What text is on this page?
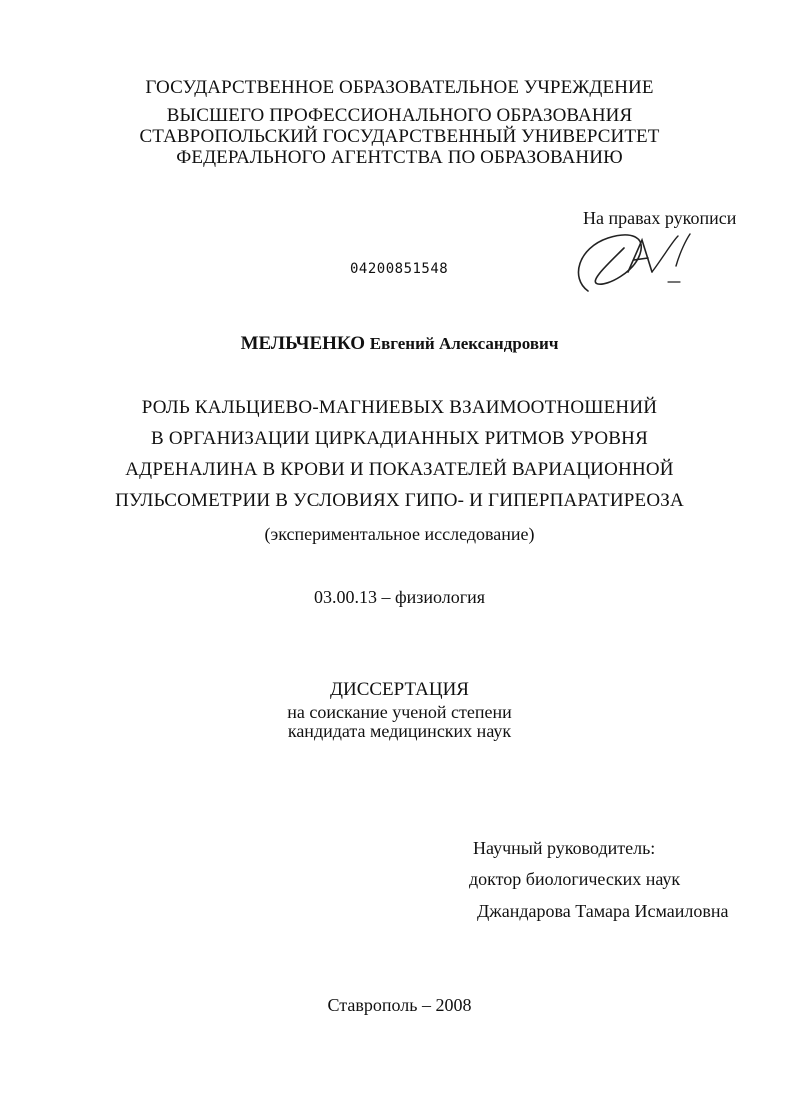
ГОСУДАРСТВЕННОЕ ОБРАЗОВАТЕЛЬНОЕ УЧРЕЖДЕНИЕ
ВЫСШЕГО ПРОФЕССИОНАЛЬНОГО ОБРАЗОВАНИЯ
СТАВРОПОЛЬСКИЙ ГОСУДАРСТВЕННЫЙ УНИВЕРСИТЕТ
ФЕДЕРАЛЬНОГО АГЕНТСТВА ПО ОБРАЗОВАНИЮ
На правах рукописи
04200851548
МЕЛЬЧЕНКО Евгений Александрович
РОЛЬ КАЛЬЦИЕВО-МАГНИЕВЫХ ВЗАИМООТНОШЕНИЙ
В ОРГАНИЗАЦИИ ЦИРКАДИАННЫХ РИТМОВ УРОВНЯ
АДРЕНАЛИНА В КРОВИ И ПОКАЗАТЕЛЕЙ ВАРИАЦИОННОЙ
ПУЛЬСОМЕТРИИ В УСЛОВИЯХ ГИПО- И ГИПЕРПАРАТИРЕОЗА
(экспериментальное исследование)
03.00.13 – физиология
ДИССЕРТАЦИЯ
на соискание ученой степени
кандидата медицинских наук
Научный руководитель:
доктор биологических наук
Джандарова Тамара Исмаиловна
Ставрополь – 2008
